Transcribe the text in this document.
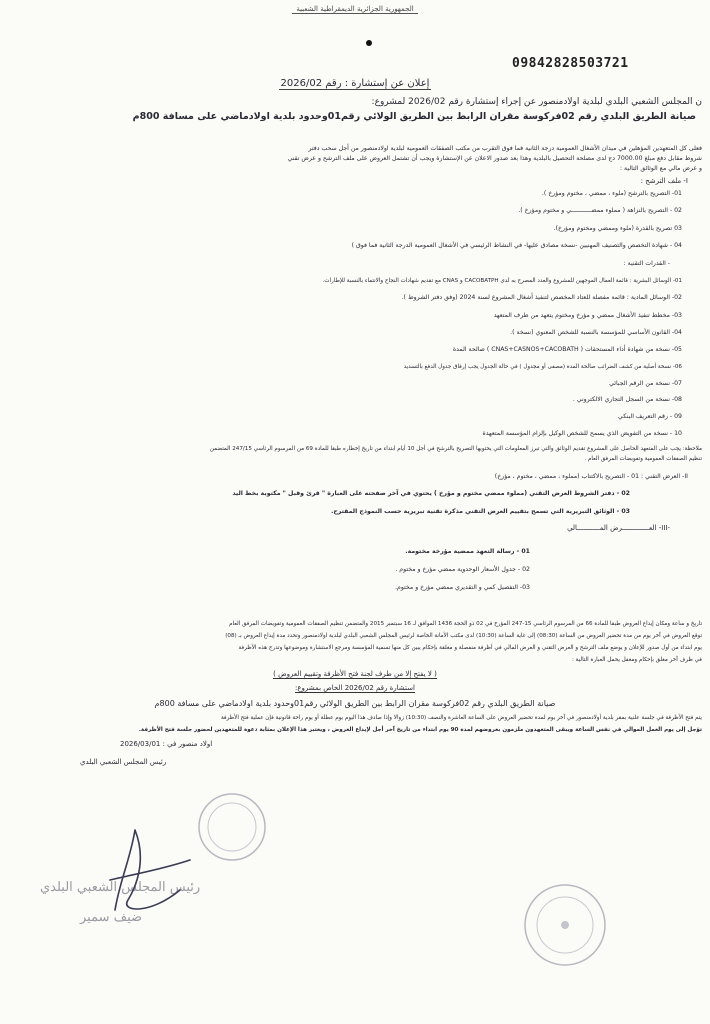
الجمهورية الجزائرية الديمقراطية الشعبية
09842828503721
إعلان عن إستشارة : رقم 2026/02
ن المجلس الشعبي البلدي لبلدية اولادمنصور عن إجراء إستشارة رقم 2026/02 لمشروع:
صيانة الطريق البلدي رقم 02فركوسة مقران الرابط بين الطريق الولائي رقم01وحدود بلدية اولادماضي على مسافة 800م
فعلى كل المتعهدين المؤهلين في ميدان الأشغال العمومية درجة الثانية فما فوق التقرب من مكتب الصفقات العمومية لبلدية اولادمنصور من أجل سحب دفتر
شروط مقابل دفع مبلغ 7000.00 دج لدى مصلحة التحصيل بالبلدية وهذا بعد صدور الاعلان عن الإستشارة ويجب أن تشتمل العروض على ملف الترشح و عرض تقني
و عرض مالي مع الوثائق التالية :
I- ملف الترشح :
01- التصريح بالترشح (ملوء ، ممضي ، مختوم ومؤرخ ).
02 - التصريح بالنزاهة ( مملوء ممضـــــــــــي و مختوم ومؤرخ ).
03 تصريح بالقدرة (ملوء وممضي ومختوم ومؤرخ).
04 - شهادة التخصص والتصنيف المهنيين -نسخة مصادق عليها- في النشاط الرئيسي في الأشغال العمومية الدرجة الثانية فما فوق )
- القدرات التقنية :
01- الوسائل البشرية : قائمة العمال الموجهين للمشروع والعدد المصرح به لدى CACOBATPH و CNAS مع تقديم شهادات النجاح والانتماء بالنسبة للإطارات.
02- الوسائل المادية : قائمة مفصلة للعتاد المخصص لتنفيذ أشغال المشروع لسنة 2024 (وفق دفتر الشروط ).
03- مخطط تنفيذ الأشغال ممضي و مؤرخ ومختوم يتعهد من طرف المتعهد
04- القانون الأساسي للمؤسسة بالنسبة للشخص المعنوي (نسخة ).
05- نسخة من شهادة أداء المستحقات ( CNAS+CASNOS+CACOBATH ) صالحة المدة
06- نسخة أصلية من كشف الضرائب صالحة المدة (مصفى أو مجدول ) في حالة الجدول يجب إرفاق جدول الدفع بالتسديد
07- نسخة من الرقم الجبائي
08- نسخة من السجل التجاري الالكتروني .
09 - رقم التعريف البنكي
10 - نسخة من التفويض الذي يسمح للشخص الوكيل بإلزام المؤسسة المتعهدة
ملاحظة: يجب على المتعهد الحاصل على المشروع تقديم الوثائق والتي تبرز المعلومات التي يحتويها التصريح بالترشح في أجل 10 أيام ابتداء من تاريخ إخطاره طبقا للمادة 69 من المرسوم الرئاسي 247/15 المتضمن
تنظيم الصفقات العمومية وتفويضات المرفق العام .
II- العرض التقني : 01 - التصريح بالاكتتاب (مملوء ، ممضي ، مختوم ، مؤرخ)
02 - دفتر الشروط العرض التقني (مملوء ممضي مختوم و مؤرخ ) يحتوي في آخر صفحته على العبارة " قرئ وقبل " مكتوبة بخط اليد
03 - الوثائق التبريرية التي تسمح بتقييم العرض التقني مذكرة تقنية تبريرية حسب النموذج المقترح.
-III- العـــــــــــــرض المـــــــــــالي
01 - رسالة التعهد ممضية مؤرخة مختومة.
02 - جدول الأسعار الوحدوية ممضي مؤرخ و مختوم .
03- التفصيل كمي و التقديري ممضي مؤرخ و مختوم.
تاريخ و ساعة ومكان إيداع العروض طبقا للمادة 66 من المرسوم الرئاسي 15-247 المؤرخ في 02 ذو الحجة 1436 الموافق لـ 16 سبتمبر 2015 والمتضمن تنظيم الصفقات العمومية وتفويضات المرفق العام
توقع العروض في آخر يوم من مدة تحضير العروض من الساعة (08:30) إلى غاية الساعة (10:30) لدى مكتب الأمانة الخاصة لرئيس المجلس الشعبي البلدي لبلدية اولادمنصور وتحدد مدة إيداع العروض بـ (08)
يوم ابتداء من أول صدور للإعلان و يوضع ملف الترشح و العرض التقني و العرض المالي في أظرفة منفصلة و مغلقة بإحكام يبين كل منها تسمية المؤسسة ومرجع الاستشارة وموضوعها وتدرج هذه الأظرفة
في ظرف آخر مغلق بإحكام ومغفل يحمل العبارة التالية :
( لا يفتح إلا من طرف لجنة فتح الأظرفة وتقييم العروض )
استشارة رقم 2026/02 الخاص بمشروع:
صيانة الطريق البلدي رقم 02فركوسة مقران الرابط بين الطريق الولائي رقم01وحدود بلدية اولادماضي على مسافة 800م
يتم فتح الأظرفة في جلسة علنية بمقر بلدية أولادمنصور في آخر يوم لمدة تحضير العروض على الساعة العاشرة والنصف (10:30) زوالا وإذا صادف هذا اليوم يوم عطلة أو يوم راحة قانونية فإن عملية فتح الأظرفة
تؤجل إلى يوم العمل الموالي في نفس الساعة ويبقى المتعهدون ملزمون بعروضهم لمدة 90 يوم ابتداء من تاريخ آخر أجل لإيداع العروض ، ويعتبر هذا الإعلان بمثابة دعوة للمتعهدين لحضور جلسة فتح الأظرفة.
اولاد منصور في : 2026/03/01
رئيس المجلس الشعبي البلدي
رئيس المجلس الشعبي البلدي
ضيف سمير
